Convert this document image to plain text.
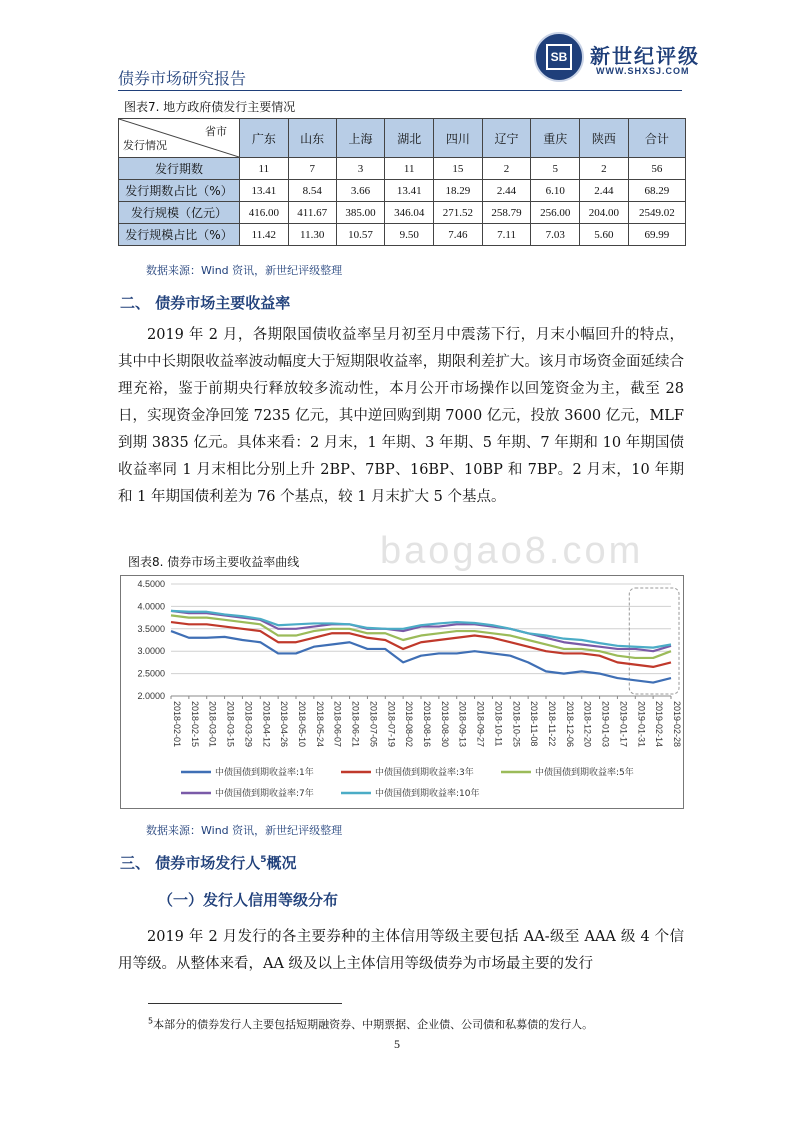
SB 新世纪评级
WWW.SHXSJ.COM
债券市场研究报告
图表7. 地方政府债发行主要情况
省市
发行情况	广东	山东	上海	湖北	四川	辽宁	重庆	陕西	合计
发行期数	11	7	3	11	15	2	5	2	56
发行期数占比（%）	13.41	8.54	3.66	13.41	18.29	2.44	6.10	2.44	68.29
发行规模（亿元）	416.00	411.67	385.00	346.04	271.52	258.79	256.00	204.00	2549.02
发行规模占比（%）	11.42	11.30	10.57	9.50	7.46	7.11	7.03	5.60	69.99
数据来源：Wind 资讯，新世纪评级整理
二、 债券市场主要收益率

2019 年 2 月，各期限国债收益率呈月初至月中震荡下行，月末小幅回升的特点，其中中长期限收益率波动幅度大于短期限收益率，期限利差扩大。该月市场资金面延续合理充裕，鉴于前期央行释放较多流动性，本月公开市场操作以回笼资金为主，截至 28 日，实现资金净回笼 7235 亿元，其中逆回购到期 7000 亿元，投放 3600 亿元，MLF 到期 3835 亿元。具体来看：2 月末，1 年期、3 年期、5 年期、7 年期和 10 年期国债收益率同 1 月末相比分别上升 2BP、7BP、16BP、10BP 和 7BP。2 月末，10 年期和 1 年期国债利差为 76 个基点，较 1 月末扩大 5 个基点。

图表8. 债券市场主要收益率曲线 baogao8.com
2.0000
2.5000
3.0000
3.5000
4.0000
4.5000
2018-02-01 2018-02-15 2018-03-01 2018-03-15 2018-03-29 2018-04-12 2018-04-26 2018-05-10 2018-05-24 2018-06-07 2018-06-21 2018-07-05 2018-07-19 2018-08-02 2018-08-16 2018-08-30 2018-09-13 2018-09-27 2018-10-11 2018-10-25 2018-11-08 2018-11-22 2018-12-06 2018-12-20 2019-01-03 2019-01-17 2019-01-31 2019-02-14 2019-02-28
中债国债到期收益率:1年	中债国债到期收益率:3年	中债国债到期收益率:5年
中债国债到期收益率:7年	中债国债到期收益率:10年
数据来源：Wind 资讯，新世纪评级整理
三、 债券市场发行人$^5$概况
（一）发行人信用等级分布

2019 年 2 月发行的各主要券种的主体信用等级主要包括 AA-级至 AAA 级 4 个信用等级。从整体来看，AA 级及以上主体信用等级债券为市场最主要的发行

$^5$本部分的债券发行人主要包括短期融资券、中期票据、企业债、公司债和私募债的发行人。
5
